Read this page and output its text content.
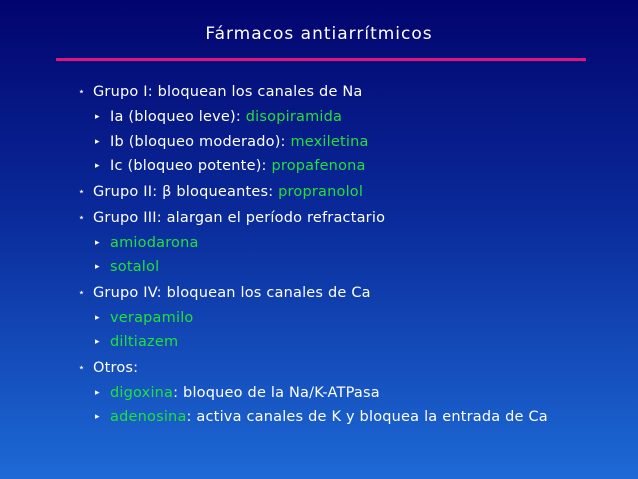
Fármacos antiarrítmicos
⋆ Grupo I: bloquean los canales de Na
▸ Ia (bloqueo leve): disopiramida
▸ Ib (bloqueo moderado): mexiletina
▸ Ic (bloqueo potente): propafenona
⋆ Grupo II: β bloqueantes: propranolol
⋆ Grupo III: alargan el período refractario
▸ amiodarona
▸ sotalol
⋆ Grupo IV: bloquean los canales de Ca
▸ verapamilo
▸ diltiazem
⋆ Otros:
▸ digoxina: bloqueo de la Na/K-ATPasa
▸ adenosina: activa canales de K y bloquea la entrada de Ca
